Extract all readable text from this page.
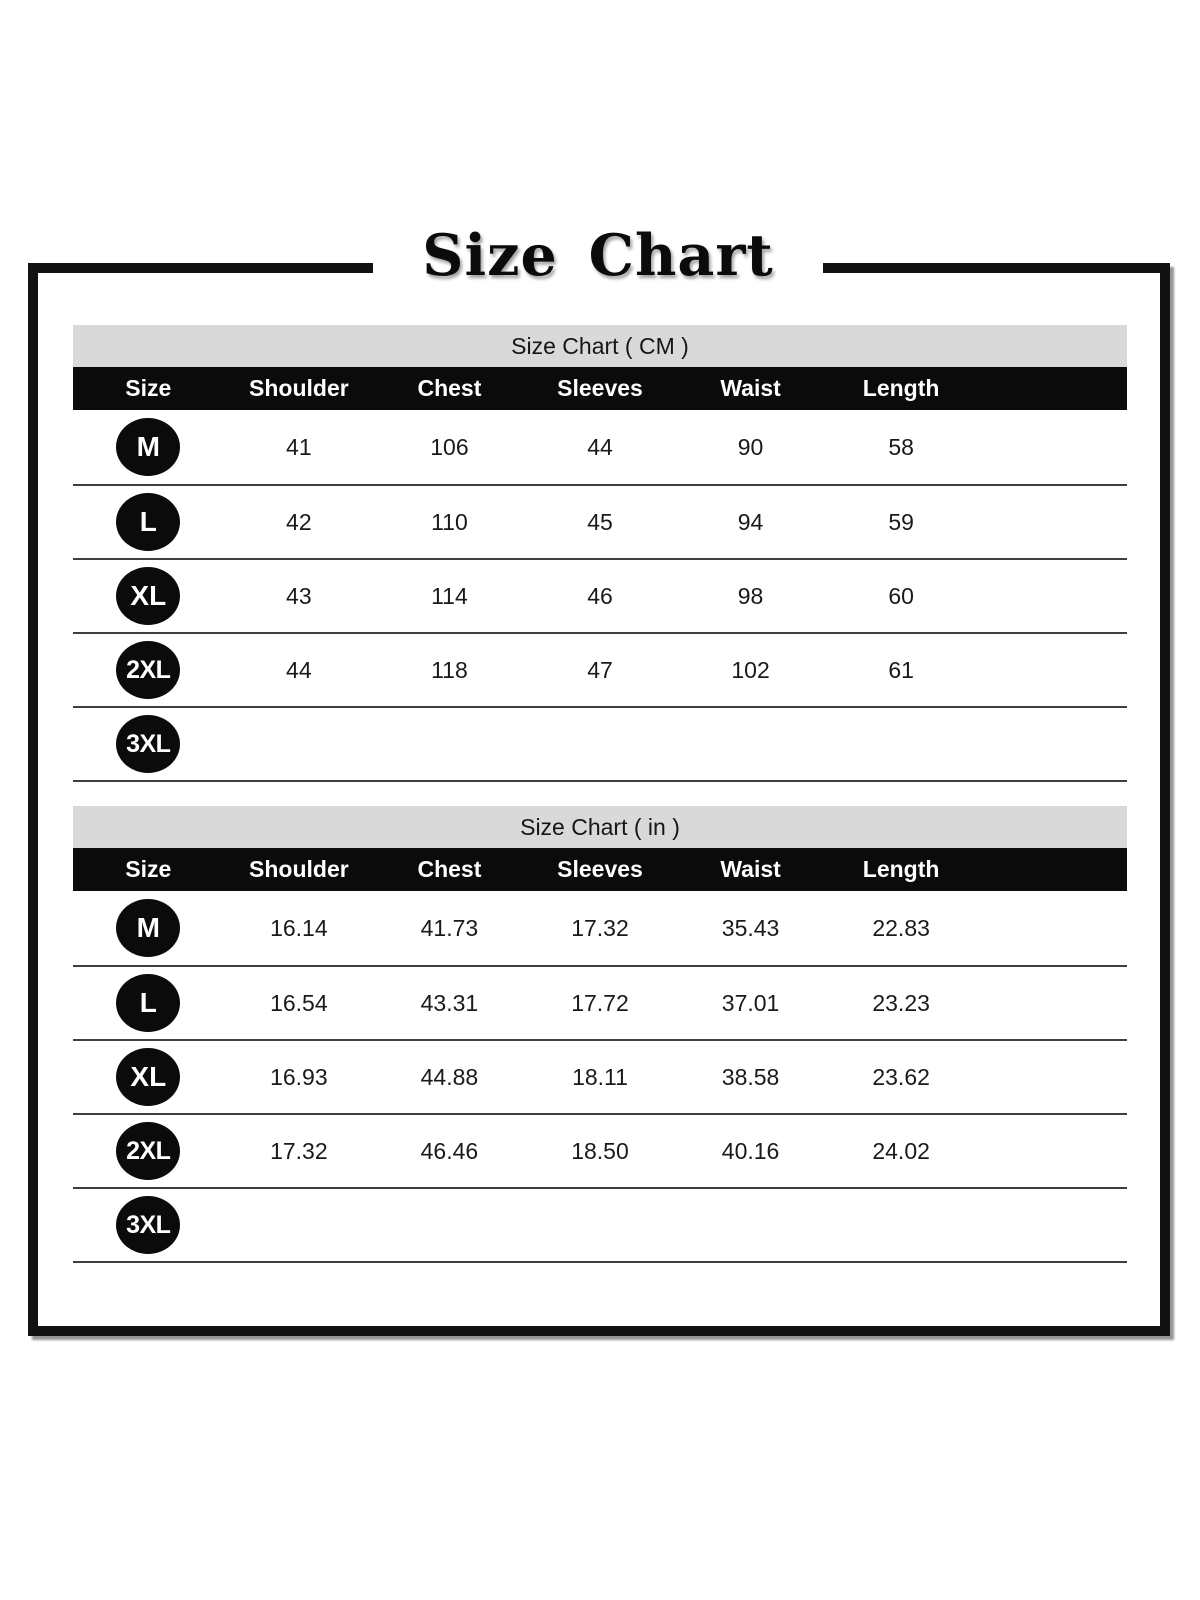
Size Chart ( CM )
Size	Shoulder	Chest	Sleeves	Waist	Length
M	41	106	44	90	58
L	42	110	45	94	59
XL	43	114	46	98	60
2XL	44	118	47	102	61
3XL
Size Chart ( in )
Size	Shoulder	Chest	Sleeves	Waist	Length
M	16.14	41.73	17.32	35.43	22.83
L	16.54	43.31	17.72	37.01	23.23
XL	16.93	44.88	18.11	38.58	23.62
2XL	17.32	46.46	18.50	40.16	24.02
3XL
Size Chart
